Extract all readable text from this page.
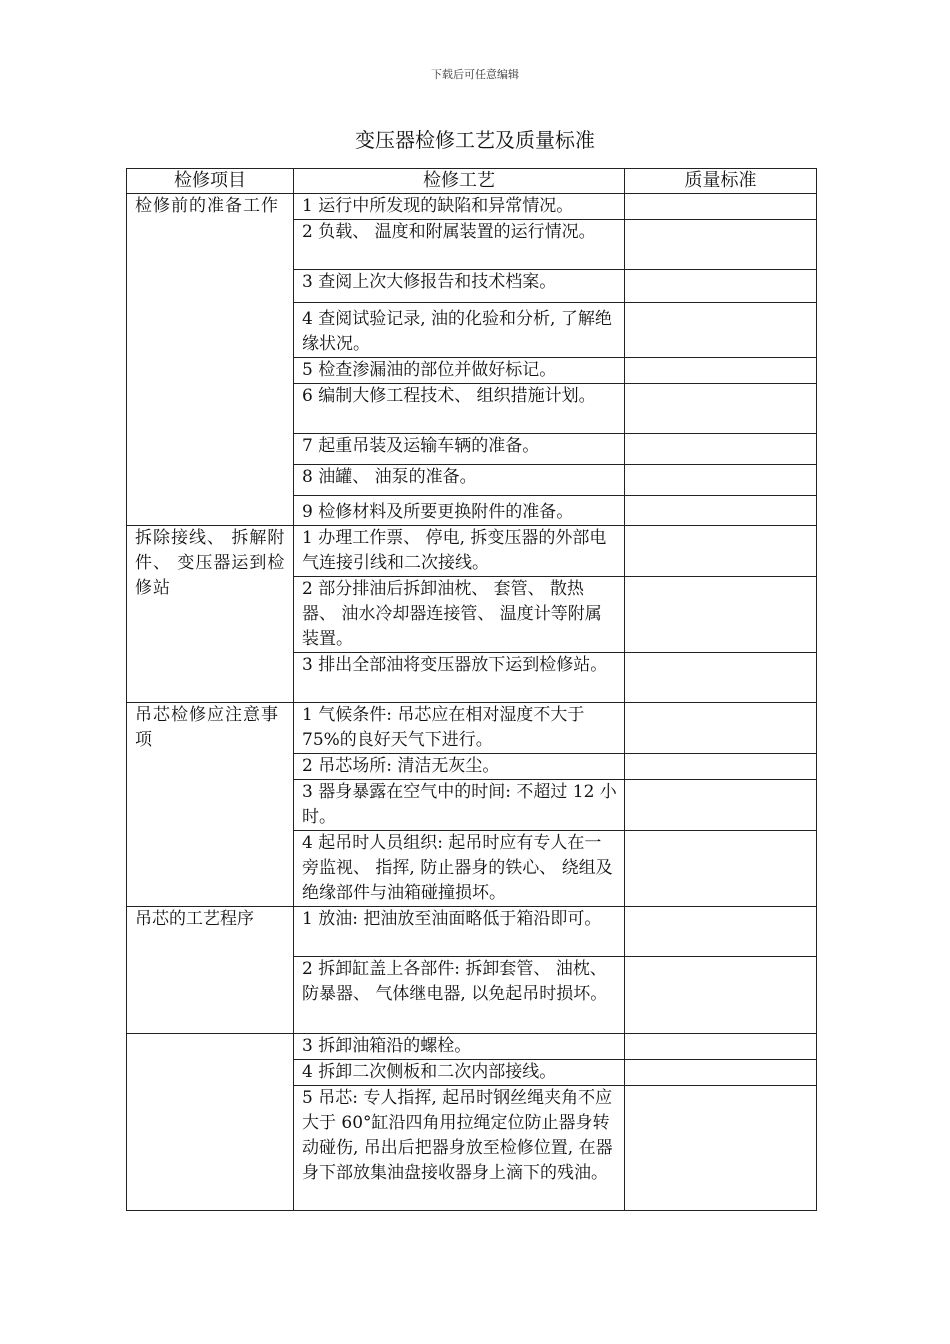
下载后可任意编辑
变压器检修工艺及质量标准
检修项目	检修工艺	质量标准
检修前的准备工作	1 运行中所发现的缺陷和异常情况。	
	2 负载、 温度和附属装置的运行情况。	
	3 查阅上次大修报告和技术档案。	
	4 查阅试验记录, 油的化验和分析, 了解绝缘状况。	
	5 检查渗漏油的部位并做好标记。	
	6 编制大修工程技术、 组织措施计划。	
	7 起重吊装及运输车辆的准备。	
	8 油罐、 油泵的准备。	
	9 检修材料及所要更换附件的准备。	
拆除接线、 拆解附件、 变压器运到检修站	1 办理工作票、 停电, 拆变压器的外部电气连接引线和二次接线。	
	2 部分排油后拆卸油枕、 套管、 散热器、 油水冷却器连接管、 温度计等附属装置。	
	3 排出全部油将变压器放下运到检修站。	
吊芯检修应注意事项	1 气候条件: 吊芯应在相对湿度不大于 75%的良好天气下进行。	
	2 吊芯场所: 清洁无灰尘。	
	3 器身暴露在空气中的时间: 不超过 12 小时。	
	4 起吊时人员组织: 起吊时应有专人在一旁监视、 指挥, 防止器身的铁心、 绕组及绝缘部件与油箱碰撞损坏。	
吊芯的工艺程序	1 放油: 把油放至油面略低于箱沿即可。	
	2 拆卸缸盖上各部件: 拆卸套管、 油枕、 防暴器、 气体继电器, 以免起吊时损坏。	
	3 拆卸油箱沿的螺栓。	
	4 拆卸二次侧板和二次内部接线。	
	5 吊芯: 专人指挥, 起吊时钢丝绳夹角不应大于 60°缸沿四角用拉绳定位防止器身转动碰伤, 吊出后把器身放至检修位置, 在器身下部放集油盘接收器身上滴下的残油。	
